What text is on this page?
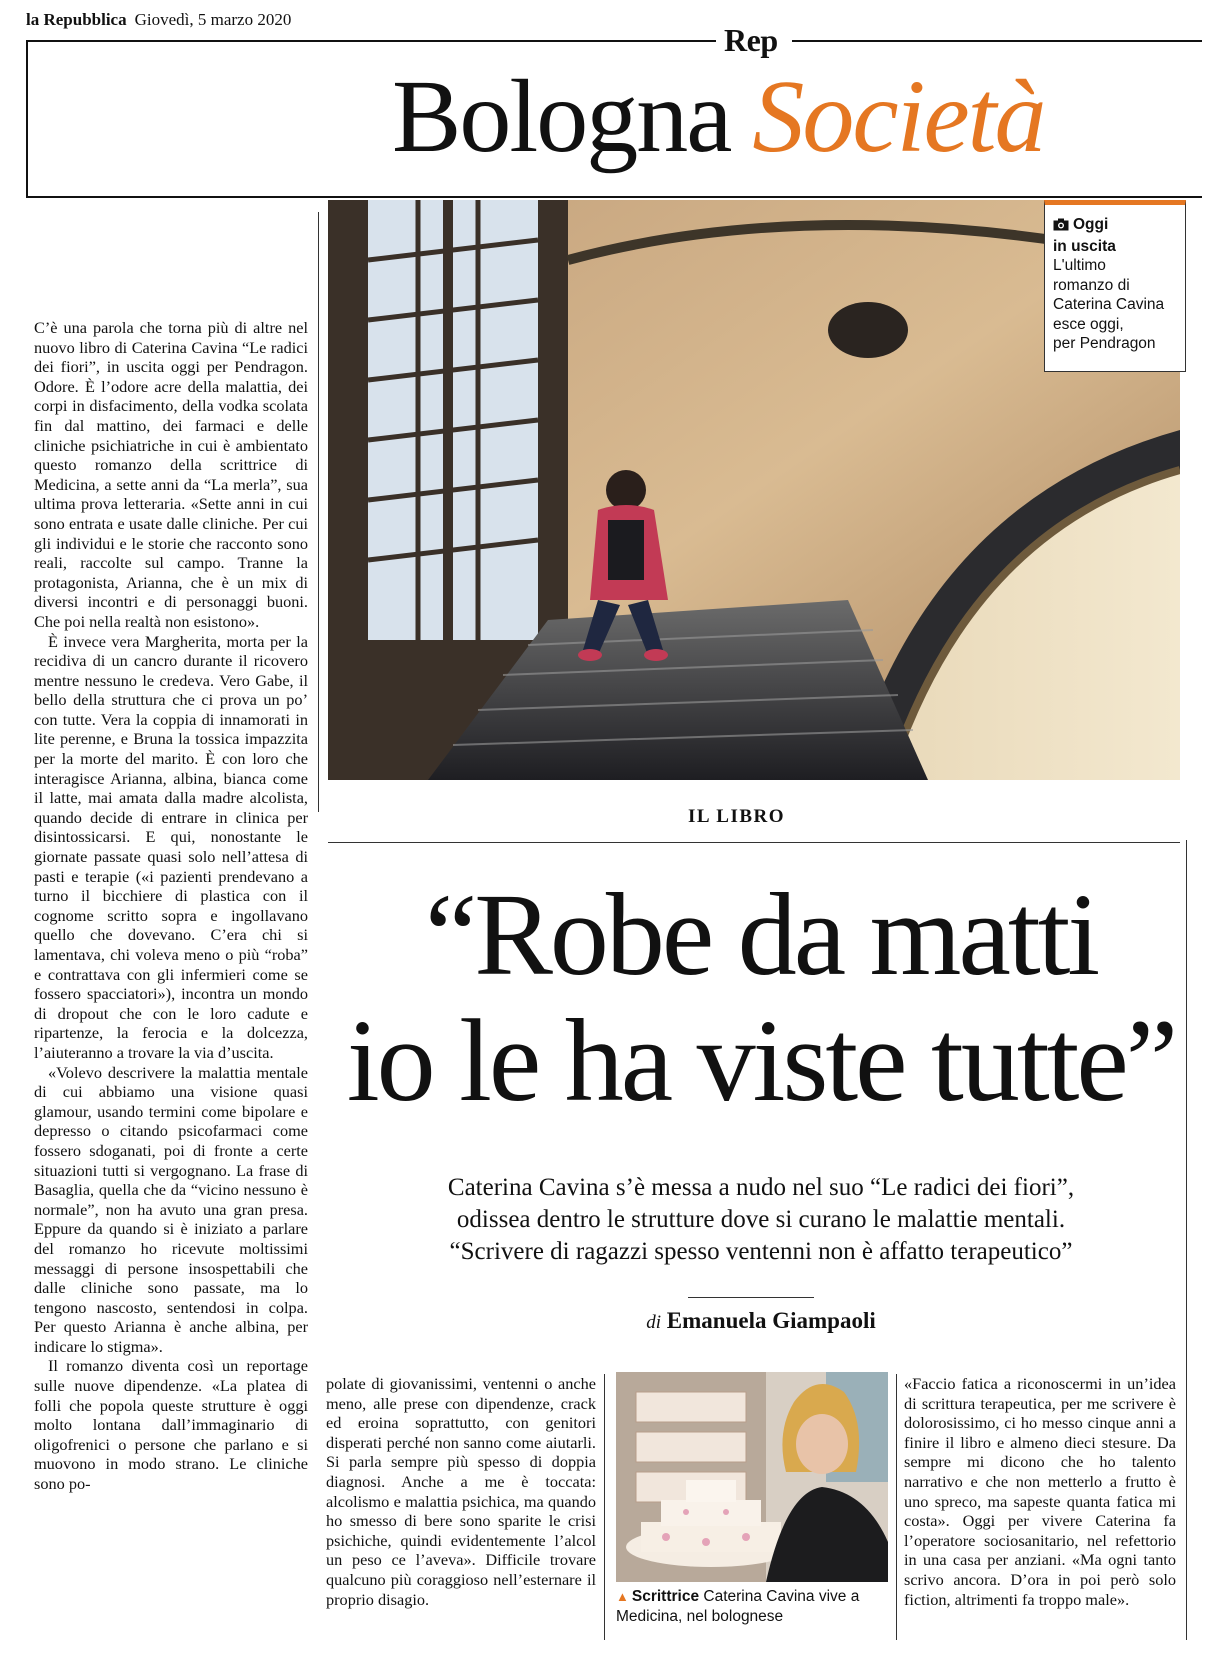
la Repubblica Giovedì, 5 marzo 2020
Rep
Bologna Società

C’è una parola che torna più di altre nel nuovo libro di Caterina Cavina “Le radici dei fiori”, in uscita oggi per Pendragon. Odore. È l’odore acre della malattia, dei corpi in disfacimento, della vodka scolata fin dal mattino, dei farmaci e delle cliniche psichiatriche in cui è ambientato questo romanzo della scrittrice di Medicina, a sette anni da “La merla”, sua ultima prova letteraria. «Sette anni in cui sono entrata e usate dalle cliniche. Per cui gli individui e le storie che racconto sono reali, raccolte sul campo. Tranne la protagonista, Arianna, che è un mix di diversi incontri e di personaggi buoni. Che poi nella realtà non esistono».

È invece vera Margherita, morta per la recidiva di un cancro durante il ricovero mentre nessuno le credeva. Vero Gabe, il bello della struttura che ci prova un po’ con tutte. Vera la coppia di innamorati in lite perenne, e Bruna la tossica impazzita per la morte del marito. È con loro che interagisce Arianna, albina, bianca come il latte, mai amata dalla madre alcolista, quando decide di entrare in clinica per disintossicarsi. E qui, nonostante le giornate passate quasi solo nell’attesa di pasti e terapie («i pazienti prendevano a turno il bicchiere di plastica con il cognome scritto sopra e ingollavano quello che dovevano. C’era chi si lamentava, chi voleva meno o più “roba” e contrattava con gli infermieri come se fossero spacciatori»), incontra un mondo di dropout che con le loro cadute e ripartenze, la ferocia e la dolcezza, l’aiuteranno a trovare la via d’uscita.

«Volevo descrivere la malattia mentale di cui abbiamo una visione quasi glamour, usando termini come bipolare e depresso o citando psicofarmaci come fossero sdoganati, poi di fronte a certe situazioni tutti si vergognano. La frase di Basaglia, quella che da “vicino nessuno è normale”, non ha avuto una gran presa. Eppure da quando si è iniziato a parlare del romanzo ho ricevute moltissimi messaggi di persone insospettabili che dalle cliniche sono passate, ma lo tengono nascosto, sentendosi in colpa. Per questo Arianna è anche albina, per indicare lo stigma».

Il romanzo diventa così un reportage sulle nuove dipendenze. «La platea di folli che popola queste strutture è oggi molto lontana dall’immaginario di oligofrenici o persone che parlano e si muovono in modo strano. Le cliniche sono po-

Oggi
in uscita
L'ultimo
romanzo di
Caterina Cavina
esce oggi,
per Pendragon
IL LIBRO
“Robe da matti
io le ha viste tutte”
Caterina Cavina s’è messa a nudo nel suo “Le radici dei fiori”,
odissea dentro le strutture dove si curano le malattie mentali.
“Scrivere di ragazzi spesso ventenni non è affatto terapeutico”
di Emanuela Giampaoli

polate di giovanissimi, ventenni o anche meno, alle prese con dipendenze, crack ed eroina soprattutto, con genitori disperati perché non sanno come aiutarli. Si parla sempre più spesso di doppia diagnosi. Anche a me è toccata: alcolismo e malattia psichica, ma quando ho smesso di bere sono sparite le crisi psichiche, quindi evidentemente l’alcol un peso ce l’aveva». Difficile trovare qualcuno più coraggioso nell’esternare il proprio disagio.	▲ Scrittrice Caterina Cavina vive a Medicina, nel bolognese

«Faccio fatica a riconoscermi in un’idea di scrittura terapeutica, per me scrivere è dolorosissimo, ci ho messo cinque anni a finire il libro e almeno dieci stesure. Da sempre mi dicono che ho talento narrativo e che non metterlo a frutto è uno spreco, ma sapeste quanta fatica mi costa». Oggi per vivere Caterina fa l’operatore sociosanitario, nel refettorio in una casa per anziani. «Ma ogni tanto scrivo ancora. D’ora in poi però solo fiction, altrimenti fa troppo male».
